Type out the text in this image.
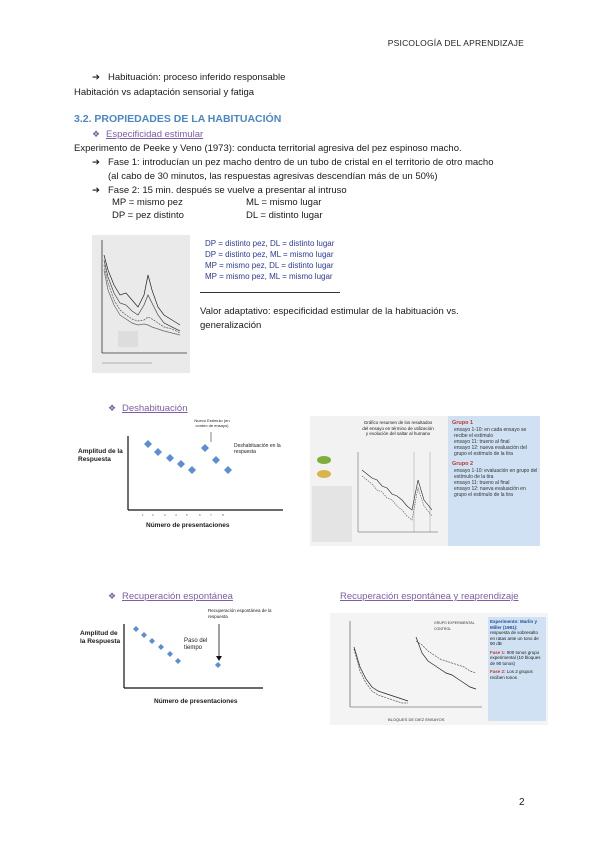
PSICOLOGÍA DEL APRENDIZAJE
➔ Habituación: proceso inferido responsable
Habitación vs adaptación sensorial y fatiga
3.2. PROPIEDADES DE LA HABITUACIÓN
❖ Especificidad estimular
Experimento de Peeke y Veno (1973): conducta territorial agresiva del pez espinoso macho.
➔ Fase 1: introducían un pez macho dentro de un tubo de cristal en el territorio de otro macho
(al cabo de 30 minutos, las respuestas agresivas descendían más de un 50%)
➔ Fase 2: 15 min. después se vuelve a presentar al intruso
MP = mismo pez	ML = mismo lugar
DP = pez distinto	DL = distinto lugar
DP = distinto pez, DL = distinto lugar
DP = distinto pez, ML = mismo lugar
MP = mismo pez, DL = distinto lugar
MP = mismo pez, ML = mismo lugar
Valor adaptativo: especificidad estimular de la habituación vs. generalización
❖ Deshabituación
1	2	3	4	5	6	7	8
Amplitud de la Respuesta
Número de presentaciones
Deshabituación en la respuesta
Nuevo Estímulo (en conteo de ensayo)
Gráfico resumen de los resultados del ensayo en término de utilización y evolución del saltar al humano
Grupo 1
ensayo 1-10: en cada ensayo se recibe el estímulo
ensayo 11: trueno al final
ensayo 12: nueva evaluación del grupo el estímulo de la tira
Grupo 2
ensayo 1-10: evaluación en grupo del estímulo de la tira
ensayo 11: trueno al final
ensayo 12: nueva evaluación en grupo el estímulo de la tira
❖ Recuperación espontánea
Amplitud de la Respuesta
Número de presentaciones
Paso del tiempo
Recuperación espontánea de la respuesta
Recuperación espontánea y reaprendizaje
GRUPO EXPERIMENTAL
CONTROL
BLOQUES DE DIEZ ENSAYOS
Experimento: Marlin y Miller (1981):
respuesta de sobresalto en ratas ante un tono de 90 dB
Fase 1: 900 tonos grupo experimental (10 bloques de 90 tonos)
Fase 2: Los 2 grupos reciben tonos
2
